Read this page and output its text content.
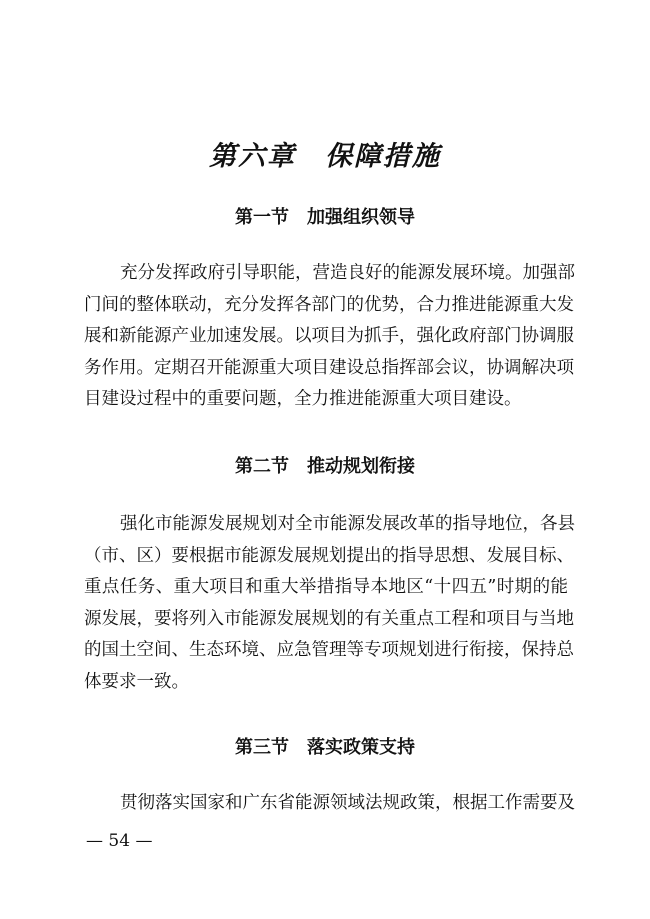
第六章　保障措施
第一节　加强组织领导
充分发挥政府引导职能，营造良好的能源发展环境。加强部
门间的整体联动，充分发挥各部门的优势，合力推进能源重大发
展和新能源产业加速发展。以项目为抓手，强化政府部门协调服
务作用。定期召开能源重大项目建设总指挥部会议，协调解决项
目建设过程中的重要问题，全力推进能源重大项目建设。
第二节　推动规划衔接
强化市能源发展规划对全市能源发展改革的指导地位，各县
（市、区）要根据市能源发展规划提出的指导思想、发展目标、
重点任务、重大项目和重大举措指导本地区“十四五”时期的能
源发展，要将列入市能源发展规划的有关重点工程和项目与当地
的国土空间、生态环境、应急管理等专项规划进行衔接，保持总
体要求一致。
第三节　落实政策支持
贯彻落实国家和广东省能源领域法规政策，根据工作需要及
— 54 —
